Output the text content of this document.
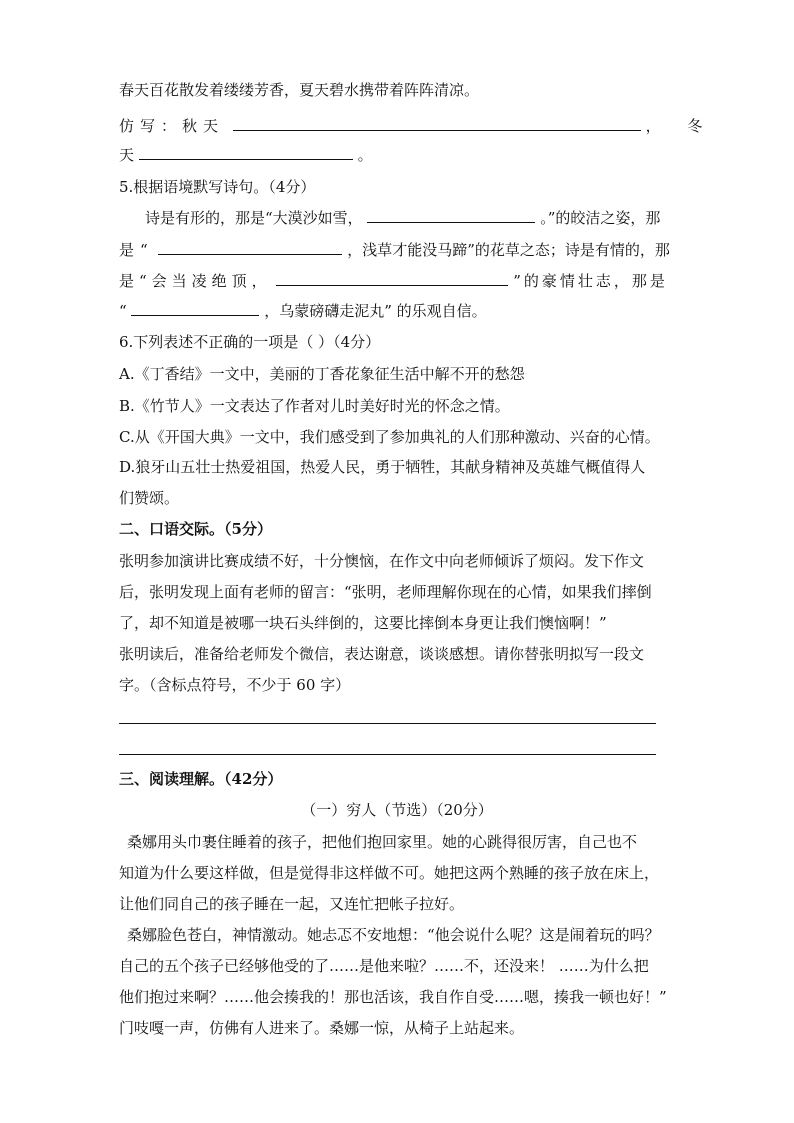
春天百花散发着缕缕芳香，夏天碧水携带着阵阵清凉。
仿写：秋天	， 冬
天	。
5.根据语境默写诗句。（4分）
诗是有形的，那是“大漠沙如雪，	。”的皎洁之姿，那
是“	，浅草才能没马蹄”的花草之态；诗是有情的，那
是“会当凌绝顶，	”的豪情壮志，那是
“	，乌蒙磅礴走泥丸” 的乐观自信。
6.下列表述不正确的一项是（ ）（4分）
A.《丁香结》一文中，美丽的丁香花象征生活中解不开的愁怨
B.《竹节人》一文表达了作者对儿时美好时光的怀念之情。
C.从《开国大典》一文中，我们感受到了参加典礼的人们那种激动、兴奋的心情。
D.狼牙山五壮士热爱祖国，热爱人民，勇于牺牲，其献身精神及英雄气概值得人
们赞颂。
二、口语交际。（5分）
张明参加演讲比赛成绩不好，十分懊恼，在作文中向老师倾诉了烦闷。发下作文
后，张明发现上面有老师的留言：“张明，老师理解你现在的心情，如果我们摔倒
了，却不知道是被哪一块石头绊倒的，这要比摔倒本身更让我们懊恼啊！”
张明读后，准备给老师发个微信，表达谢意，谈谈感想。请你替张明拟写一段文
字。（含标点符号，不少于 60 字）
三、阅读理解。（42分）
（一）穷人（节选）（20分）
桑娜用头巾裹住睡着的孩子，把他们抱回家里。她的心跳得很厉害，自己也不
知道为什么要这样做，但是觉得非这样做不可。她把这两个熟睡的孩子放在床上，
让他们同自己的孩子睡在一起，又连忙把帐子拉好。
桑娜脸色苍白，神情激动。她忐忑不安地想：“他会说什么呢？这是闹着玩的吗？
自己的五个孩子已经够他受的了……是他来啦？……不，还没来！ ……为什么把
他们抱过来啊？……他会揍我的！那也活该，我自作自受……嗯，揍我一顿也好！”
门吱嘎一声，仿佛有人进来了。桑娜一惊，从椅子上站起来。
